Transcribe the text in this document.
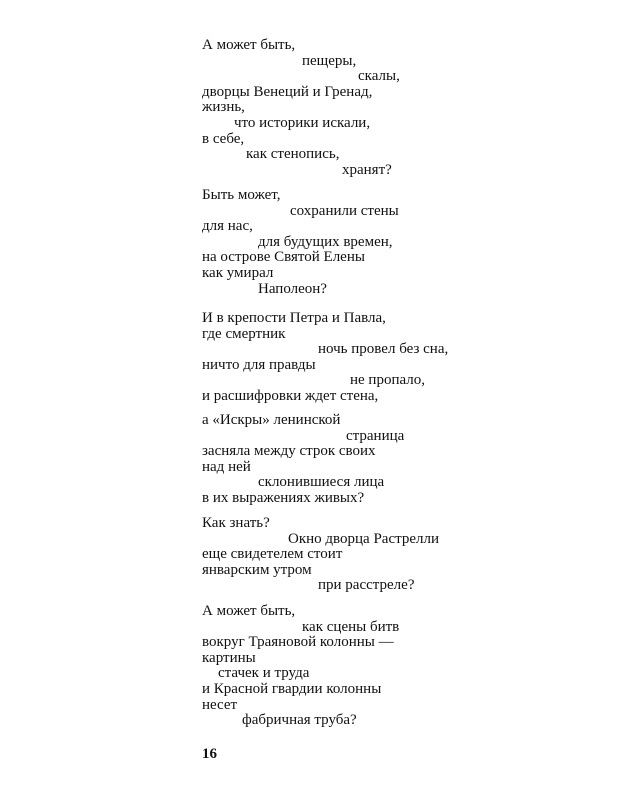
А может быть,
пещеры,
скалы,
дворцы Венеций и Гренад,
жизнь,
что историки искали,
в себе,
как стенопись,
хранят?
Быть может,
сохранили стены
для нас,
для будущих времен,
на острове Святой Елены
как умирал
Наполеон?
И в крепости Петра и Павла,
где смертник
ночь провел без сна,
ничто для правды
не пропало,
и расшифровки ждет стена,
а «Искры» ленинской
страница
засняла между строк своих
над ней
склонившиеся лица
в их выражениях живых?
Как знать?
Окно дворца Растрелли
еще свидетелем стоит
январским утром
при расстреле?
А может быть,
как сцены битв
вокруг Траяновой колонны —
картины
стачек и труда
и Красной гвардии колонны
несет
фабричная труба?
16
